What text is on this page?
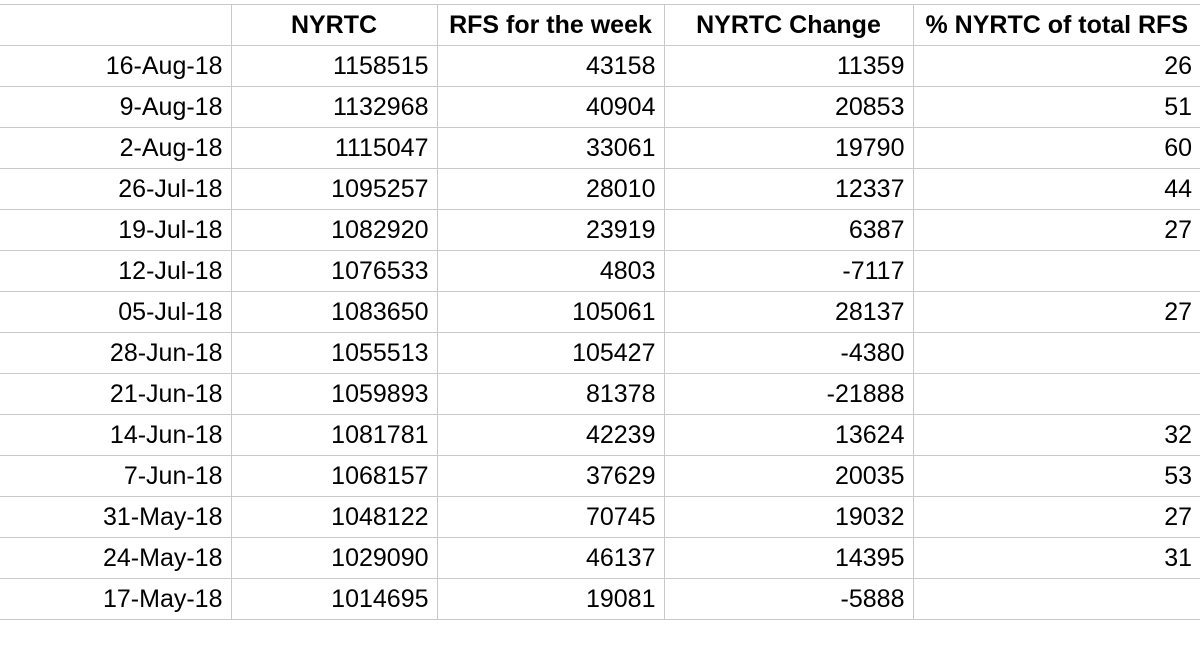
	NYRTC	RFS for the week	NYRTC Change	% NYRTC of total RFS
16-Aug-18	1158515	43158	11359	26
9-Aug-18	1132968	40904	20853	51
2-Aug-18	1115047	33061	19790	60
26-Jul-18	1095257	28010	12337	44
19-Jul-18	1082920	23919	6387	27
12-Jul-18	1076533	4803	-7117	
05-Jul-18	1083650	105061	28137	27
28-Jun-18	1055513	105427	-4380	
21-Jun-18	1059893	81378	-21888	
14-Jun-18	1081781	42239	13624	32
7-Jun-18	1068157	37629	20035	53
31-May-18	1048122	70745	19032	27
24-May-18	1029090	46137	14395	31
17-May-18	1014695	19081	-5888	
